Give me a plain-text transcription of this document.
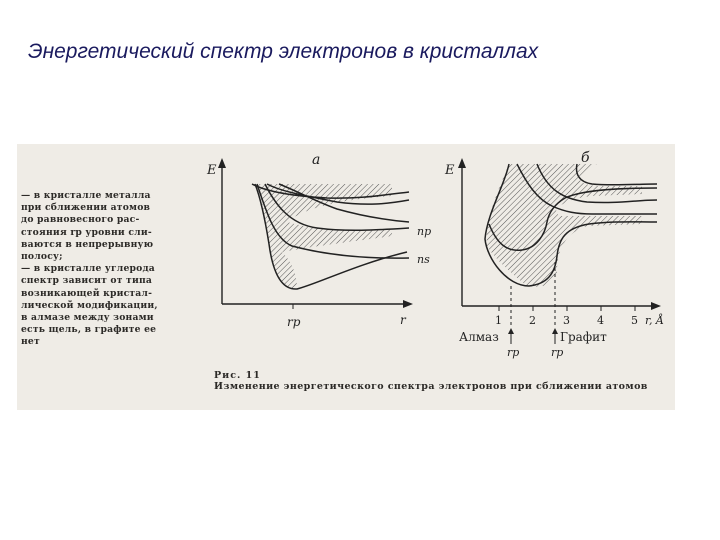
Энергетический спектр электронов в кристаллах
E
а
np
ns
rp	r	1 2 3 4 5 r, Å
Алмаз	Графит
rp	rp
E
б
— в кристалле металла
при сближении атомов
до равновесного рас-
стояния rp уровни сли-
ваются в непрерывную
полосу;
— в кристалле углерода
спектр зависит от типа
возникающей кристал-
лической модификации,
в алмазе между зонами
есть щель, в графите ее
нет
Рис. 11
Изменение энергетического спектра электронов при сближении атомов
